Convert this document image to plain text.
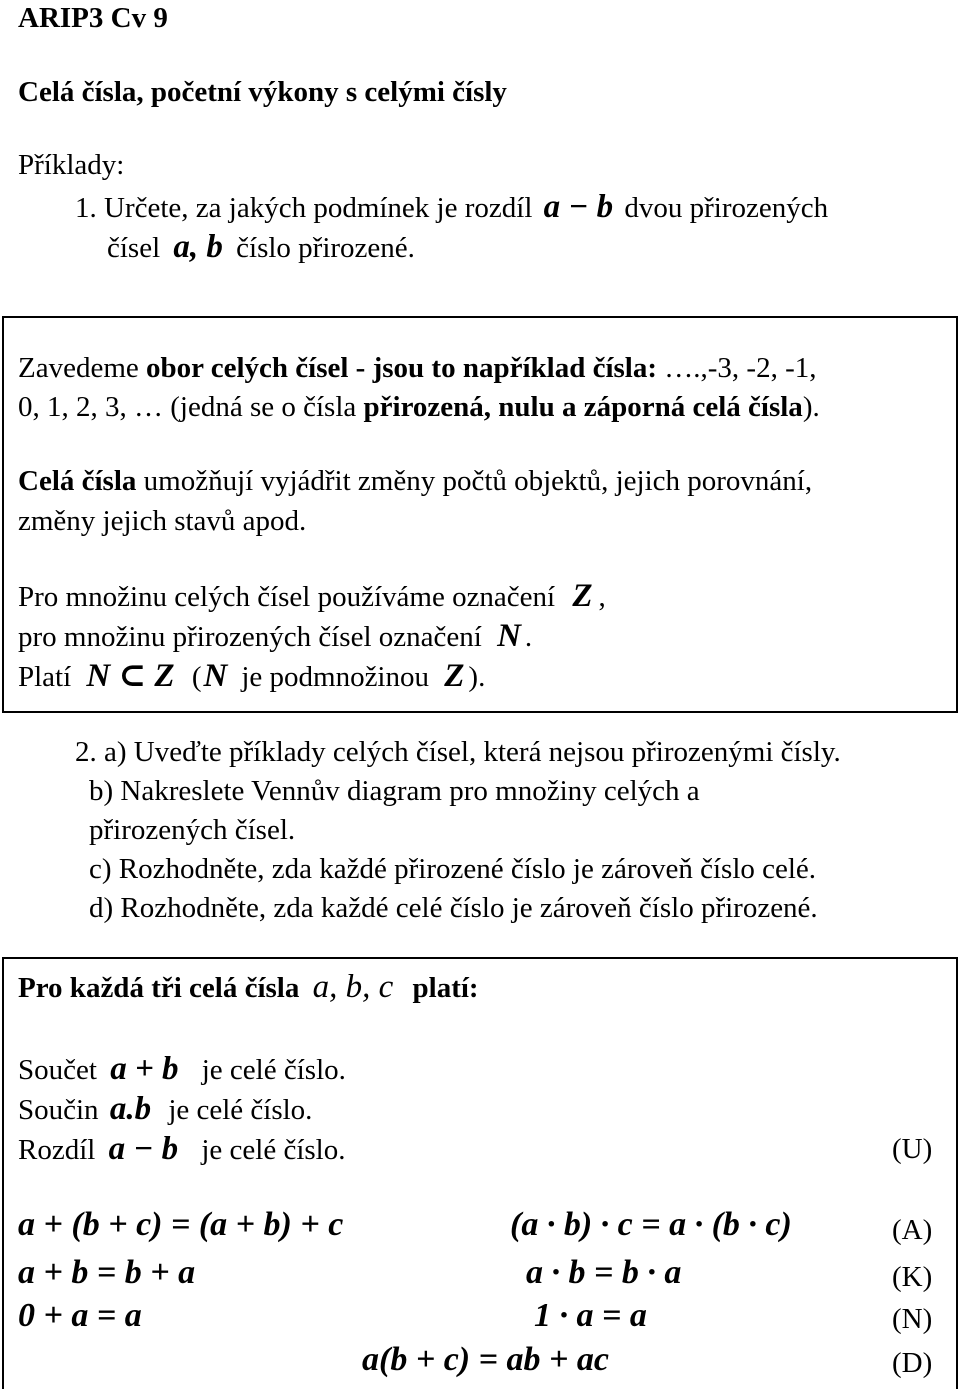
ARIP3 Cv 9
Celá čísla, početní výkony s celými čísly
Příklady:
1. Určete, za jakých podmínek je rozdíl a − b dvou přirozených
čísel a, b číslo přirozené.
Zavedeme obor celých čísel - jsou to například čísla: ….,-3, -2, -1,
0, 1, 2, 3, … (jedná se o čísla přirozená, nulu a záporná celá čísla).
Celá čísla umožňují vyjádřit změny počtů objektů, jejich porovnání,
změny jejich stavů apod.
Pro množinu celých čísel používáme označení Z ,
pro množinu přirozených čísel označení N .
Platí N ⊂ Z (N je podmnožinou Z ).
2. a) Uveďte příklady celých čísel, která nejsou přirozenými čísly.
b) Nakreslete Vennův diagram pro množiny celých a
přirozených čísel.
c) Rozhodněte, zda každé přirozené číslo je zároveň číslo celé.
d) Rozhodněte, zda každé celé číslo je zároveň číslo přirozené.
Pro každá tři celá čísla a, b, c platí:
Součet a + b je celé číslo.
Součin a.b je celé číslo.
Rozdíl a − b je celé číslo.	(U)
a + (b + c) = (a + b) + c	(a · b) · c = a · (b · c)	(A)
a + b = b + a	a · b = b · a	(K)
0 + a = a	1 · a = a	(N)
a(b + c) = ab + ac	(D)
